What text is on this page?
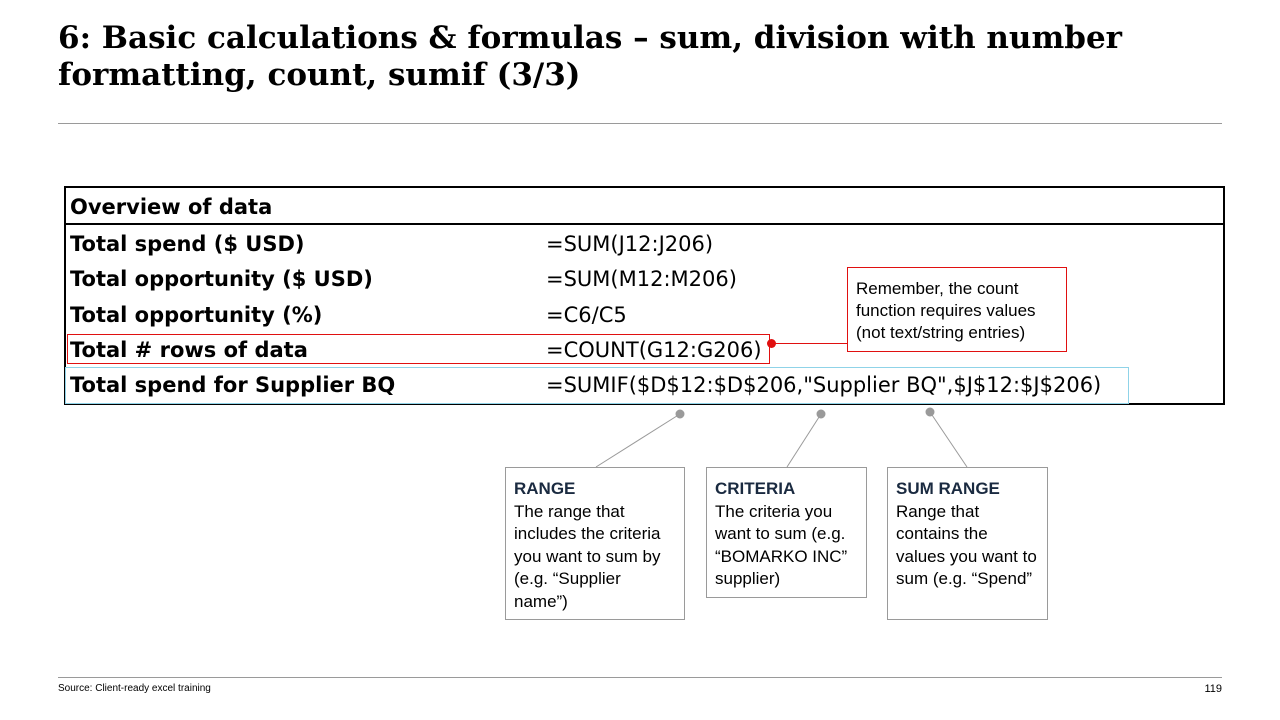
6: Basic calculations & formulas – sum, division with number formatting, count, sumif (3/3)
Overview of data
Total spend ($ USD)	=SUM(J12:J206)
Total opportunity ($ USD)	=SUM(M12:M206)
Total opportunity (%)	=C6/C5
Total # rows of data	=COUNT(G12:G206)
Total spend for Supplier BQ	=SUMIF($D$12:$D$206,"Supplier BQ",$J$12:$J$206)
Remember, the count function requires values (not text/string entries)
RANGE
The range that includes the criteria you want to sum by (e.g. “Supplier name”)
CRITERIA
The criteria you want to sum (e.g. “BOMARKO INC” supplier)
SUM RANGE
Range that contains the values you want to sum (e.g. “Spend”
Source: Client-ready excel training	119
